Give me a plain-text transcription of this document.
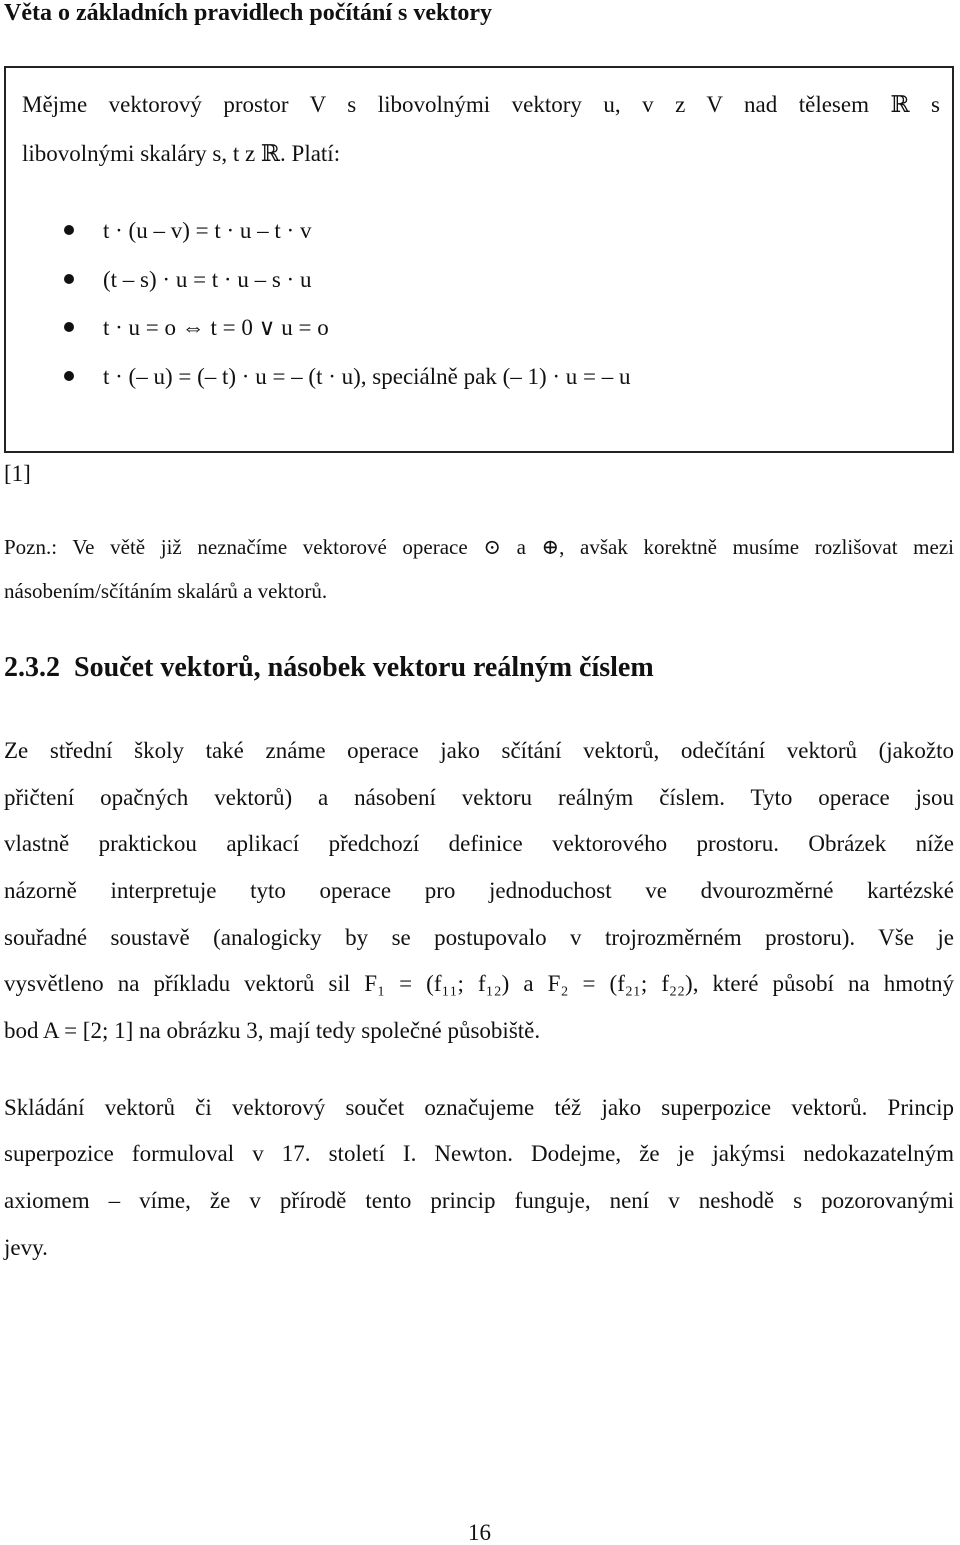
Věta o základních pravidlech počítání s vektory
Mějme vektorový prostor V s libovolnými vektory u, v z V nad tělesem ℝ s
libovolnými skaláry s, t z ℝ. Platí:
t · (u – v) = t · u – t · v
(t – s) · u = t · u – s · u
t · u = o ⇔ t = 0 ∨ u = o
t · (– u) = (– t) · u = – (t · u), speciálně pak (– 1) · u = – u
[1]
Pozn.: Ve větě již neznačíme vektorové operace ⊙ a ⊕, avšak korektně musíme rozlišovat mezi
násobením/sčítáním skalárů a vektorů.
2.3.2 Součet vektorů, násobek vektoru reálným číslem
Ze střední školy také známe operace jako sčítání vektorů, odečítání vektorů (jakožto
přičtení opačných vektorů) a násobení vektoru reálným číslem. Tyto operace jsou
vlastně praktickou aplikací předchozí definice vektorového prostoru. Obrázek níže
názorně interpretuje tyto operace pro jednoduchost ve dvourozměrné kartézské
souřadné soustavě (analogicky by se postupovalo v trojrozměrném prostoru). Vše je
vysvětleno na příkladu vektorů sil F₁ = (f₁₁; f₁₂) a F₂ = (f₂₁; f₂₂), které působí na hmotný
bod A = [2; 1] na obrázku 3, mají tedy společné působiště.
Skládání vektorů či vektorový součet označujeme též jako superpozice vektorů. Princip
superpozice formuloval v 17. století I. Newton. Dodejme, že je jakýmsi nedokazatelným
axiomem – víme, že v přírodě tento princip funguje, není v neshodě s pozorovanými
jevy.
16
